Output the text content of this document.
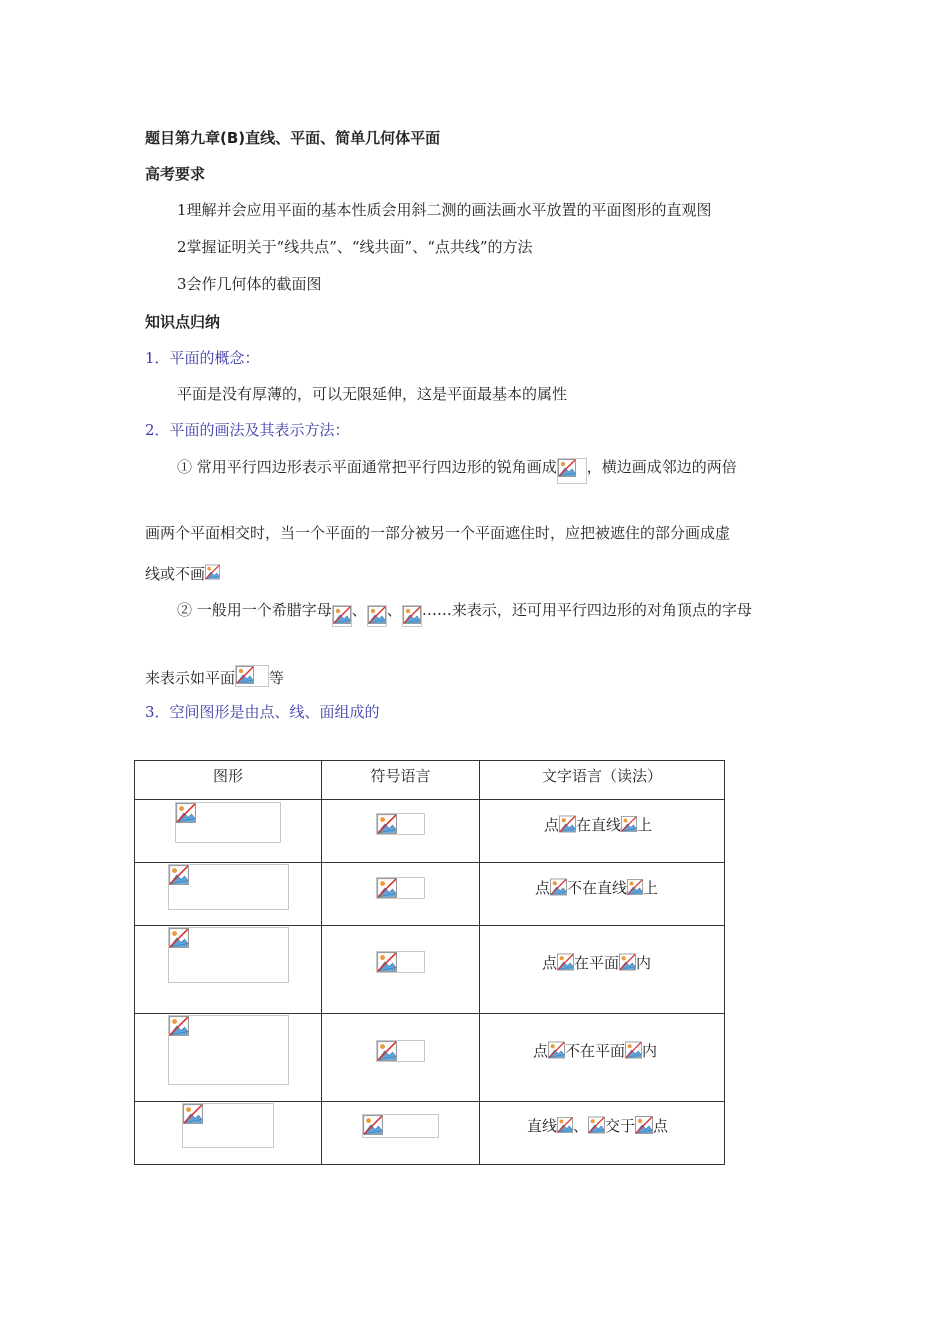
题目第九章(B)直线、平面、简单几何体平面
高考要求
1理解并会应用平面的基本性质会用斜二测的画法画水平放置的平面图形的直观图
2掌握证明关于“线共点”、“线共面”、“点共线”的方法
3会作几何体的截面图
知识点归纳
1．平面的概念：
平面是没有厚薄的，可以无限延伸，这是平面最基本的属性
2．平面的画法及其表示方法：
① 常用平行四边形表示平面通常把平行四边形的锐角画成 ，横边画成邻边的两倍
画两个平面相交时，当一个平面的一部分被另一个平面遮住时，应把被遮住的部分画成虚
线或不画
② 一般用一个希腊字母 、 、 ……来表示，还可用平行四边形的对角顶点的字母
来表示如平面 等
3．空间图形是由点、线、面组成的
图形	符号语言	文字语言（读法）

点 在直线 上

点 不在直线 上

点 在平面 内

点 不在平面 内

直线 、 交于 点
